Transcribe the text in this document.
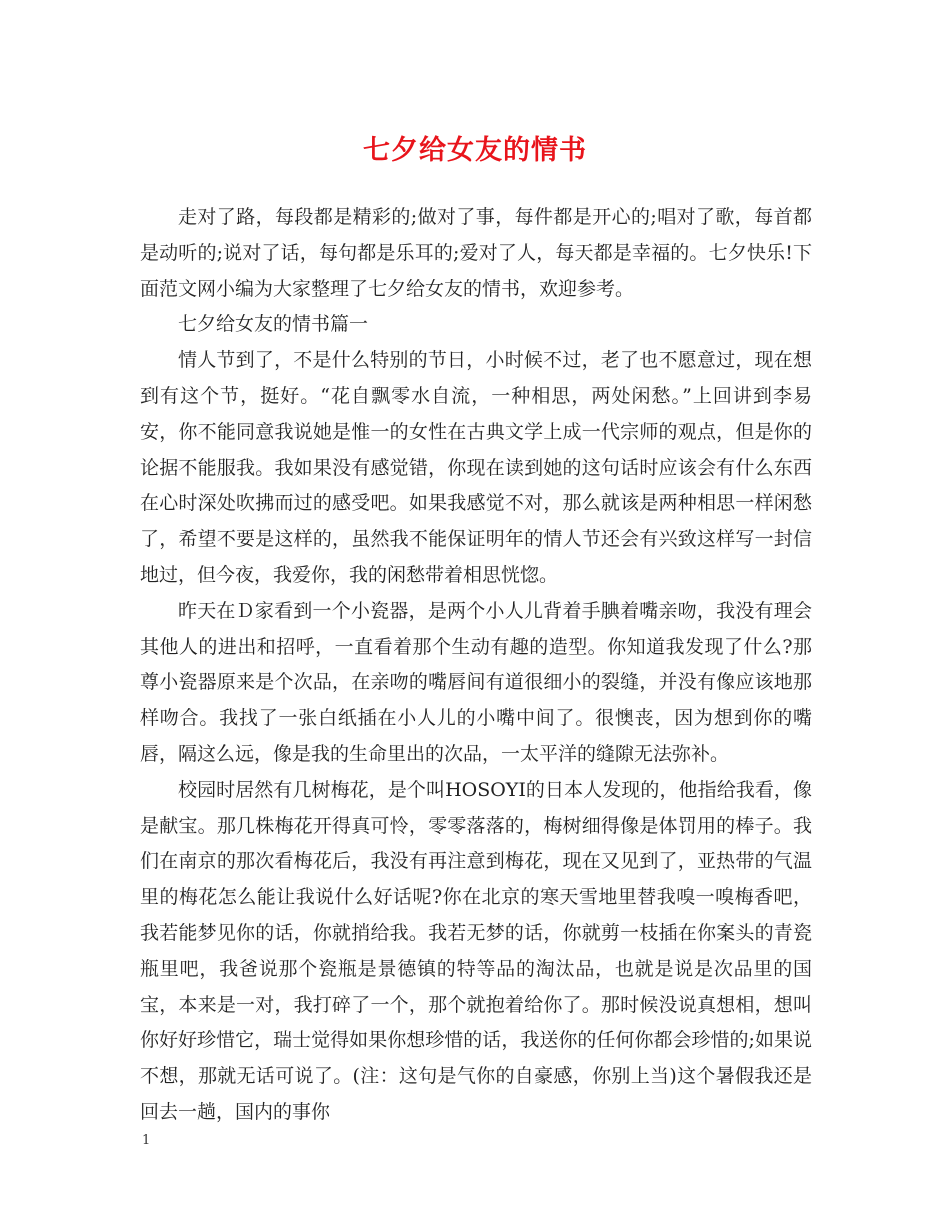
七夕给女友的情书

走对了路，每段都是精彩的;做对了事，每件都是开心的;唱对了歌，每首都是动听的;说对了话，每句都是乐耳的;爱对了人，每天都是幸福的。七夕快乐!下面范文网小编为大家整理了七夕给女友的情书，欢迎参考。

七夕给女友的情书篇一

情人节到了，不是什么特别的节日，小时候不过，老了也不愿意过，现在想到有这个节，挺好。“花自飘零水自流，一种相思，两处闲愁。”上回讲到李易安，你不能同意我说她是惟一的女性在古典文学上成一代宗师的观点，但是你的论据不能服我。我如果没有感觉错，你现在读到她的这句话时应该会有什么东西在心时深处吹拂而过的感受吧。如果我感觉不对，那么就该是两种相思一样闲愁了，希望不要是这样的，虽然我不能保证明年的情人节还会有兴致这样写一封信地过，但今夜，我爱你，我的闲愁带着相思恍惚。

昨天在Ｄ家看到一个小瓷器，是两个小人儿背着手腆着嘴亲吻，我没有理会其他人的进出和招呼，一直看着那个生动有趣的造型。你知道我发现了什么?那尊小瓷器原来是个次品，在亲吻的嘴唇间有道很细小的裂缝，并没有像应该地那样吻合。我找了一张白纸插在小人儿的小嘴中间了。很懊丧，因为想到你的嘴唇，隔这么远，像是我的生命里出的次品，一太平洋的缝隙无法弥补。

校园时居然有几树梅花，是个叫HOSOYI的日本人发现的，他指给我看，像是献宝。那几株梅花开得真可怜，零零落落的，梅树细得像是体罚用的棒子。我们在南京的那次看梅花后，我没有再注意到梅花，现在又见到了，亚热带的气温里的梅花怎么能让我说什么好话呢?你在北京的寒天雪地里替我嗅一嗅梅香吧，我若能梦见你的话，你就捎给我。我若无梦的话，你就剪一枝插在你案头的青瓷瓶里吧，我爸说那个瓷瓶是景德镇的特等品的淘汰品，也就是说是次品里的国宝，本来是一对，我打碎了一个，那个就抱着给你了。那时候没说真想相，想叫你好好珍惜它，瑞士觉得如果你想珍惜的话，我送你的任何你都会珍惜的;如果说不想，那就无话可说了。(注：这句是气你的自豪感，你别上当)这个暑假我还是回去一趟，国内的事你

1
